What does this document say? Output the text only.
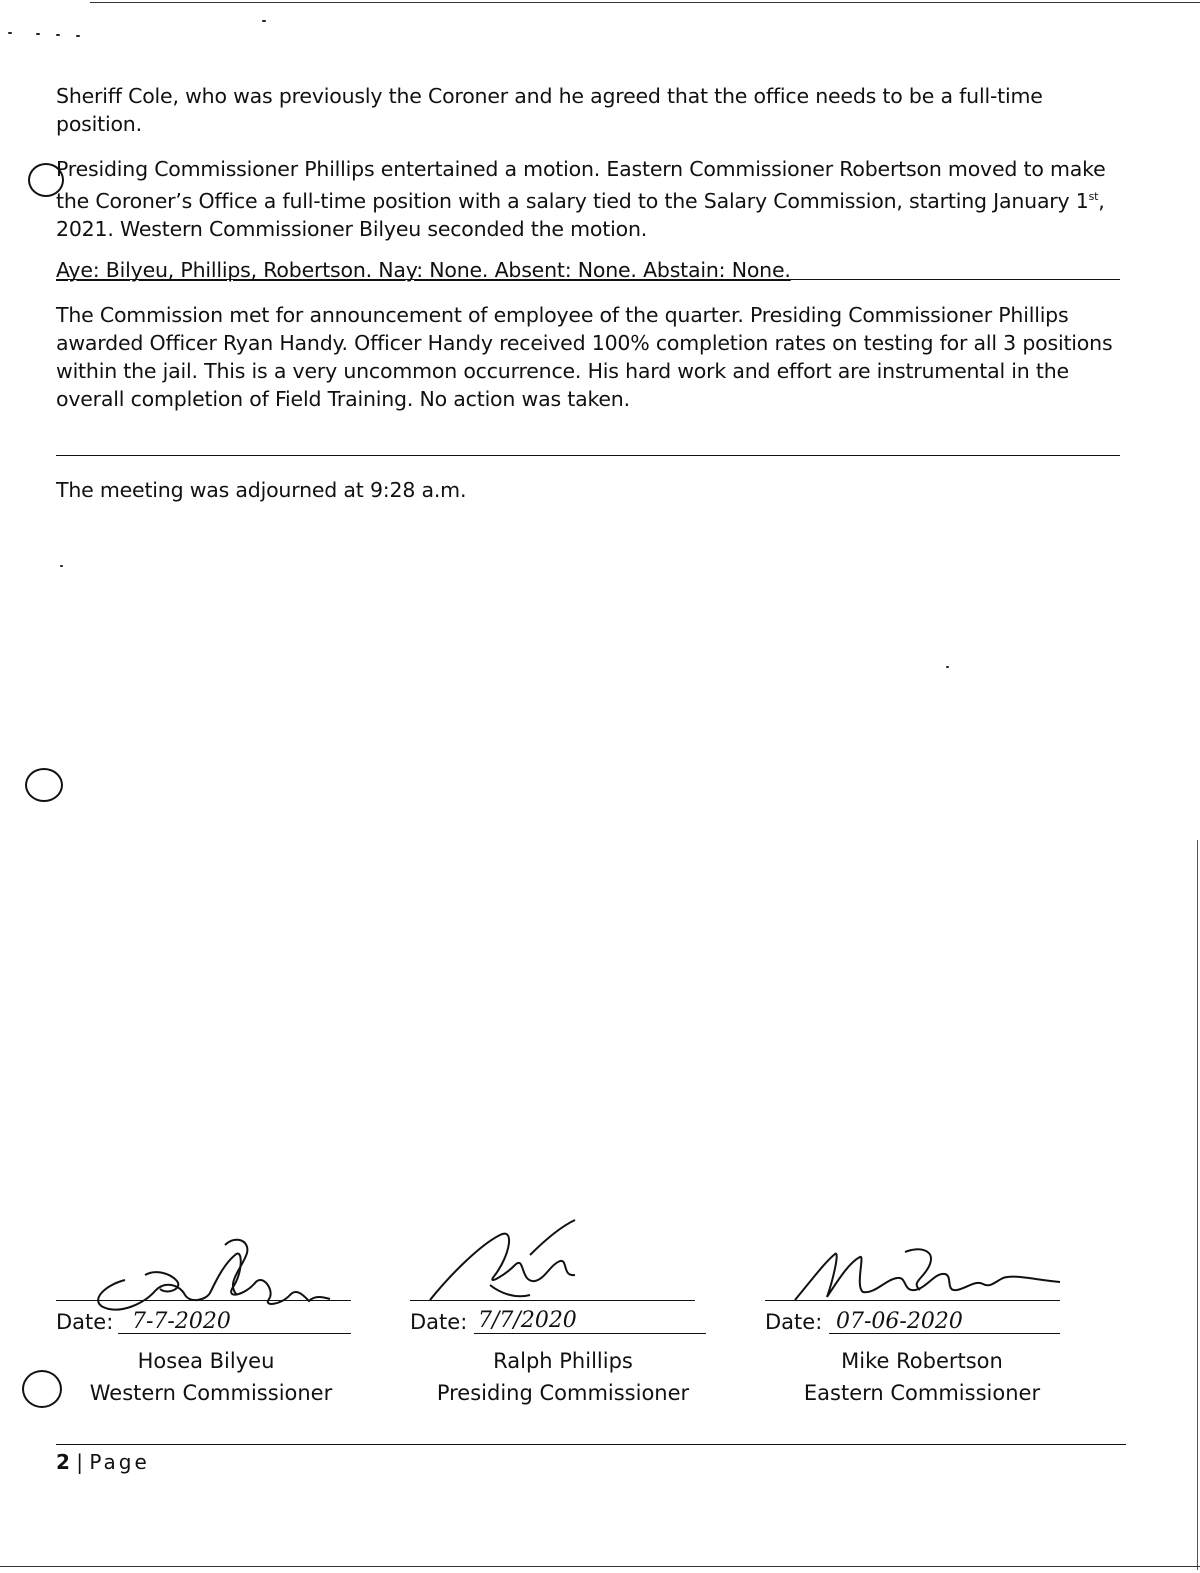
Sheriff Cole, who was previously the Coroner and he agreed that the office needs to be a full-time position.

Presiding Commissioner Phillips entertained a motion. Eastern Commissioner Robertson moved to make the Coroner’s Office a full-time position with a salary tied to the Salary Commission, starting January 1st, 2021. Western Commissioner Bilyeu seconded the motion.

Aye: Bilyeu, Phillips, Robertson. Nay: None. Absent: None. Abstain: None.

The Commission met for announcement of employee of the quarter. Presiding Commissioner Phillips awarded Officer Ryan Handy. Officer Handy received 100% completion rates on testing for all 3 positions within the jail. This is a very uncommon occurrence. His hard work and effort are instrumental in the overall completion of Field Training. No action was taken.

The meeting was adjourned at 9:28 a.m.

Date: 7-7-2020
Hosea Bilyeu
Western Commissioner
Date: 7/7/2020
Ralph Phillips
Presiding Commissioner
Date: 07-06-2020
Mike Robertson
Eastern Commissioner
2 | Page
